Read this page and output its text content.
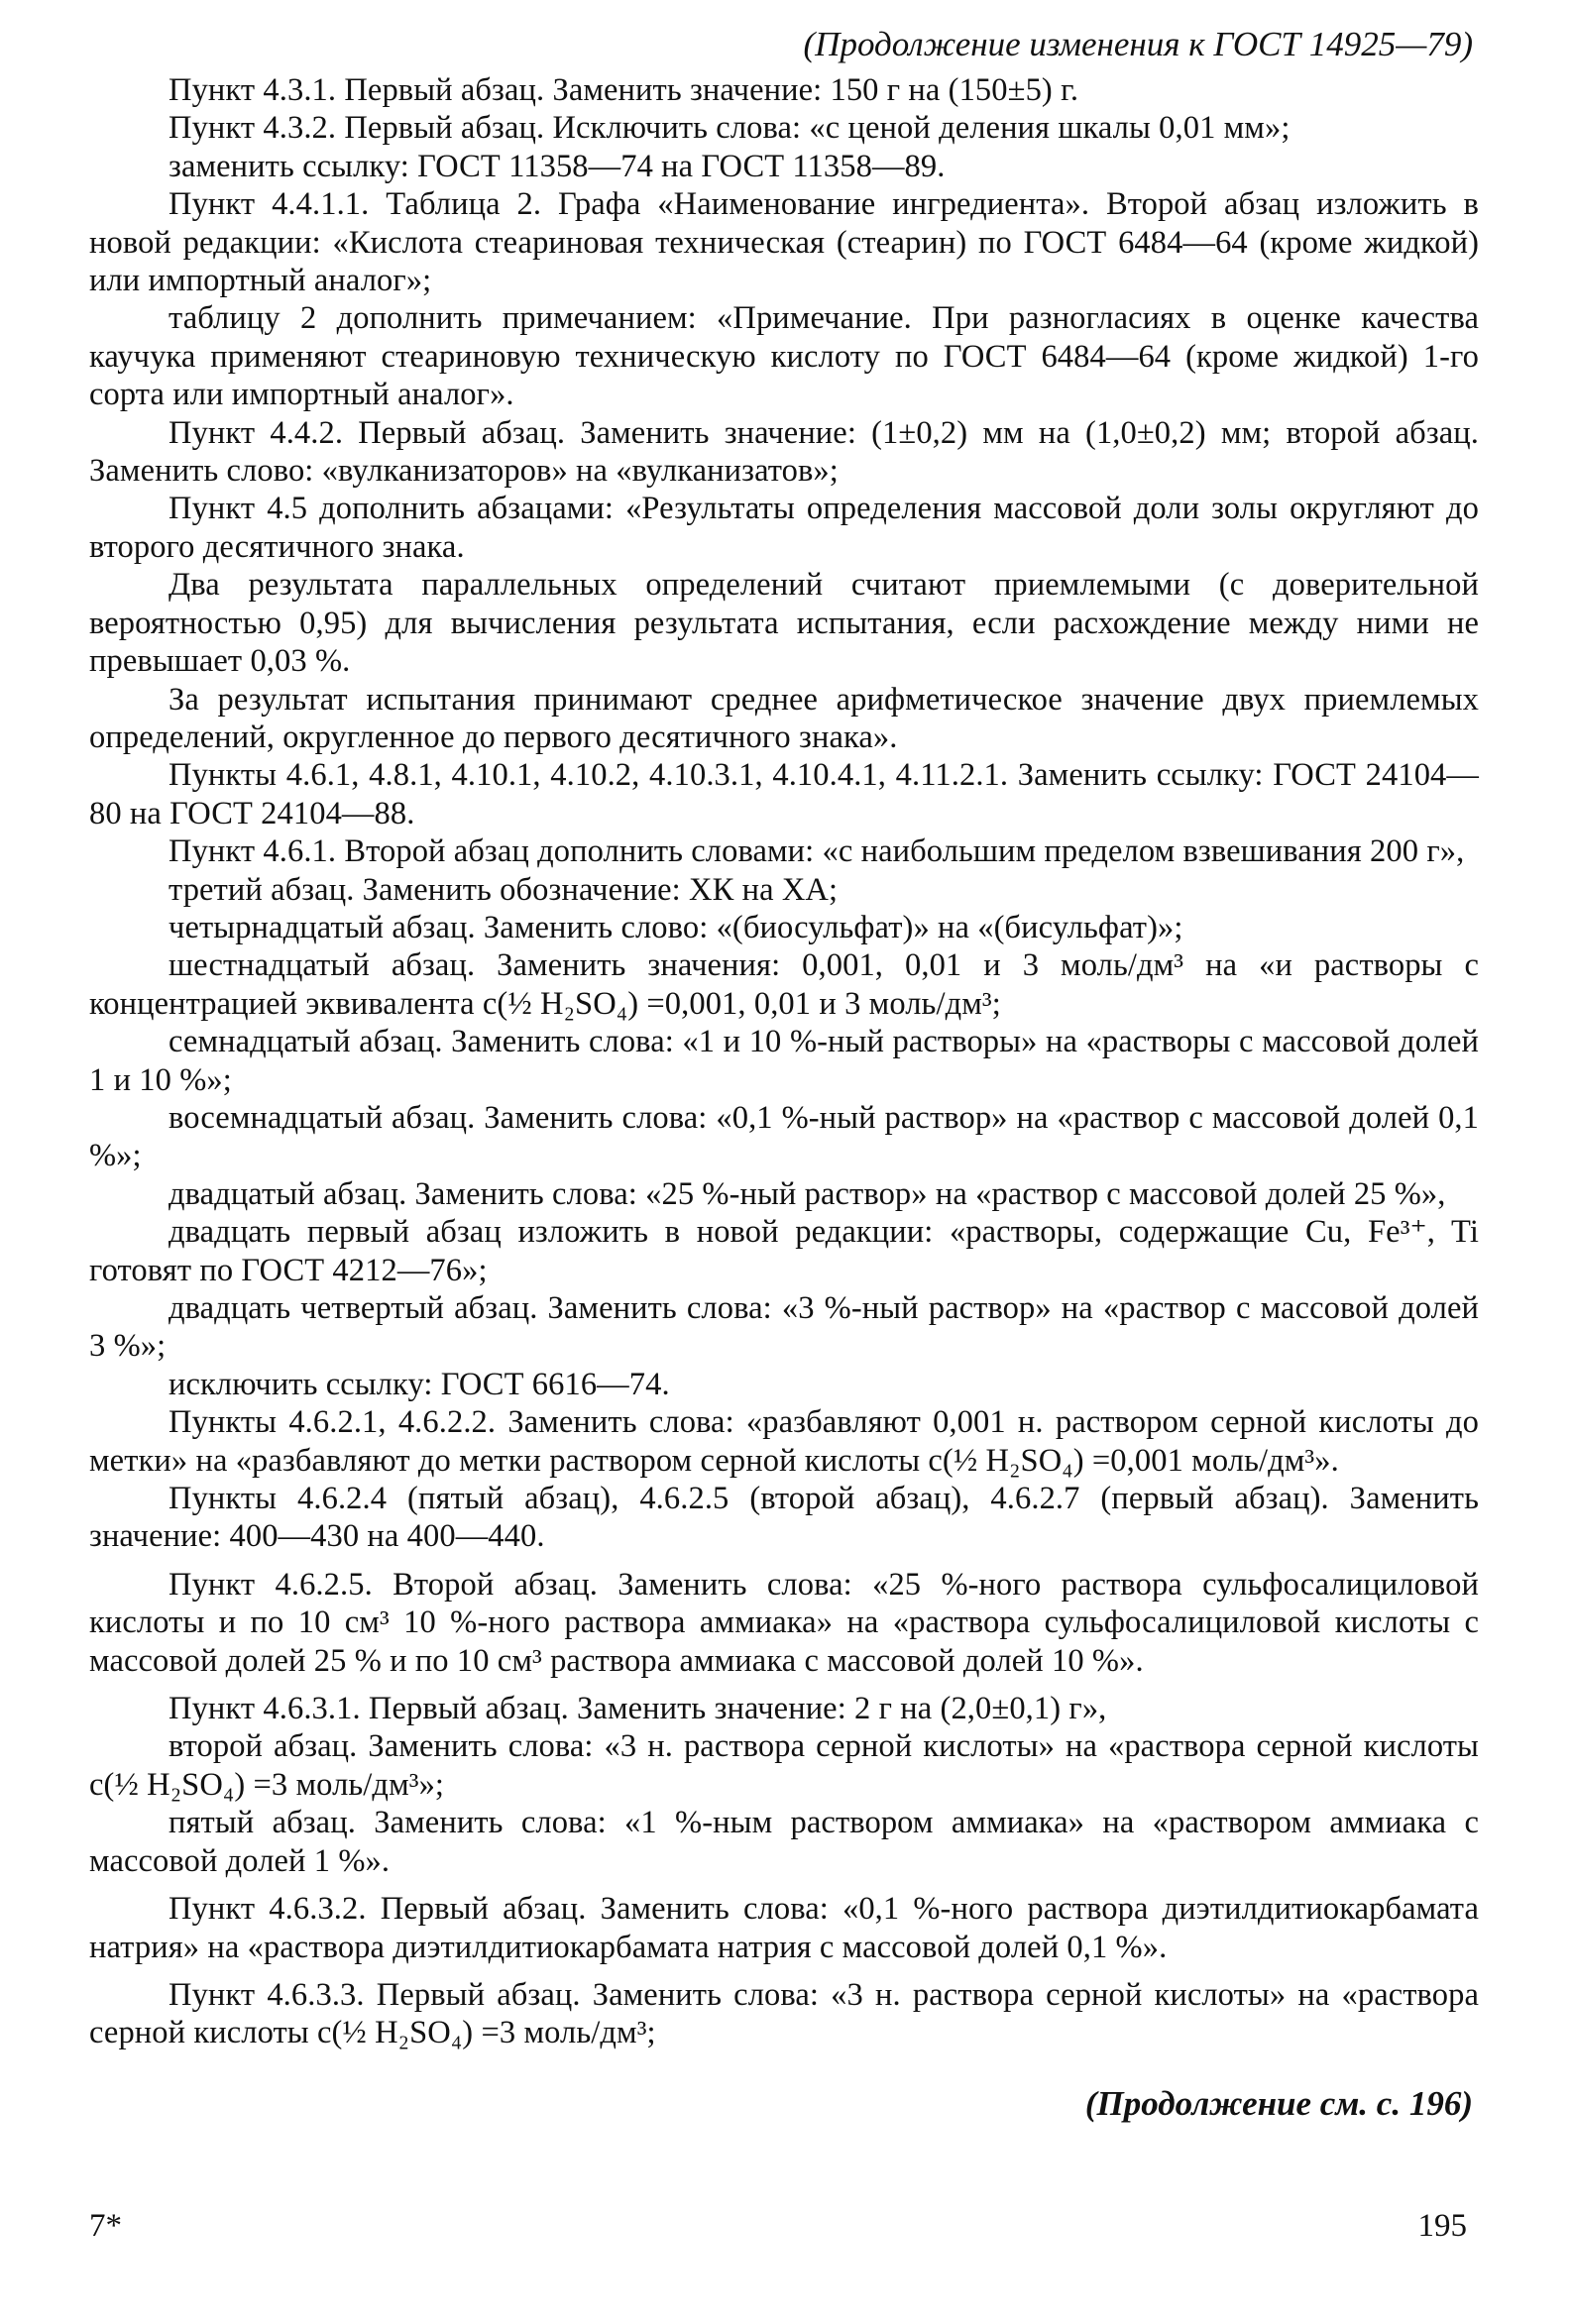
(Продолжение изменения к ГОСТ 14925—79)

Пункт 4.3.1. Первый абзац. Заменить значение: 150 г на (150±5) г.

Пункт 4.3.2. Первый абзац. Исключить слова: «с ценой деления шкалы 0,01 мм»;

заменить ссылку: ГОСТ 11358—74 на ГОСТ 11358—89.

Пункт 4.4.1.1. Таблица 2. Графа «Наименование ингредиента». Второй абзац изложить в новой редакции: «Кислота стеариновая техническая (стеарин) по ГОСТ 6484—64 (кроме жидкой) или импортный аналог»;

таблицу 2 дополнить примечанием: «Примечание. При разногласиях в оценке качества каучука применяют стеариновую техническую кислоту по ГОСТ 6484—64 (кроме жидкой) 1-го сорта или импортный аналог».

Пункт 4.4.2. Первый абзац. Заменить значение: (1±0,2) мм на (1,0±0,2) мм; второй абзац. Заменить слово: «вулканизаторов» на «вулканизатов»;

Пункт 4.5 дополнить абзацами: «Результаты определения массовой доли золы округляют до второго десятичного знака.

Два результата параллельных определений считают приемлемыми (с доверительной вероятностью 0,95) для вычисления результата испытания, если расхождение между ними не превышает 0,03 %.

За результат испытания принимают среднее арифметическое значение двух приемлемых определений, округленное до первого десятичного знака».

Пункты 4.6.1, 4.8.1, 4.10.1, 4.10.2, 4.10.3.1, 4.10.4.1, 4.11.2.1. Заменить ссылку: ГОСТ 24104—80 на ГОСТ 24104—88.

Пункт 4.6.1. Второй абзац дополнить словами: «с наибольшим пределом взвешивания 200 г»,

третий абзац. Заменить обозначение: ХК на ХА;

четырнадцатый абзац. Заменить слово: «(биосульфат)» на «(бисульфат)»;

шестнадцатый абзац. Заменить значения: 0,001, 0,01 и 3 моль/дм³ на «и растворы с концентрацией эквивалента c(½ H₂SO₄) =0,001, 0,01 и 3 моль/дм³;

семнадцатый абзац. Заменить слова: «1 и 10 %-ный растворы» на «растворы с массовой долей 1 и 10 %»;

восемнадцатый абзац. Заменить слова: «0,1 %-ный раствор» на «раствор с массовой долей 0,1 %»;

двадцатый абзац. Заменить слова: «25 %-ный раствор» на «раствор с массовой долей 25 %»,

двадцать первый абзац изложить в новой редакции: «растворы, содержащие Cu, Fe³⁺, Ti готовят по ГОСТ 4212—76»;

двадцать четвертый абзац. Заменить слова: «3 %-ный раствор» на «раствор с массовой долей 3 %»;

исключить ссылку: ГОСТ 6616—74.

Пункты 4.6.2.1, 4.6.2.2. Заменить слова: «разбавляют 0,001 н. раствором серной кислоты до метки» на «разбавляют до метки раствором серной кислоты c(½ H₂SO₄) =0,001 моль/дм³».

Пункты 4.6.2.4 (пятый абзац), 4.6.2.5 (второй абзац), 4.6.2.7 (первый абзац). Заменить значение: 400—430 на 400—440.

Пункт 4.6.2.5. Второй абзац. Заменить слова: «25 %-ного раствора сульфосалициловой кислоты и по 10 см³ 10 %-ного раствора аммиака» на «раствора сульфосалициловой кислоты с массовой долей 25 % и по 10 см³ раствора аммиака с массовой долей 10 %».

Пункт 4.6.3.1. Первый абзац. Заменить значение: 2 г на (2,0±0,1) г»,

второй абзац. Заменить слова: «3 н. раствора серной кислоты» на «раствора серной кислоты c(½ H₂SO₄) =3 моль/дм³»;

пятый абзац. Заменить слова: «1 %-ным раствором аммиака» на «раствором аммиака с массовой долей 1 %».

Пункт 4.6.3.2. Первый абзац. Заменить слова: «0,1 %-ного раствора диэтилдитиокарбамата натрия» на «раствора диэтилдитиокарбамата натрия с массовой долей 0,1 %».

Пункт 4.6.3.3. Первый абзац. Заменить слова: «3 н. раствора серной кислоты» на «раствора серной кислоты c(½ H₂SO₄) =3 моль/дм³;

(Продолжение см. с. 196)
7*	195
